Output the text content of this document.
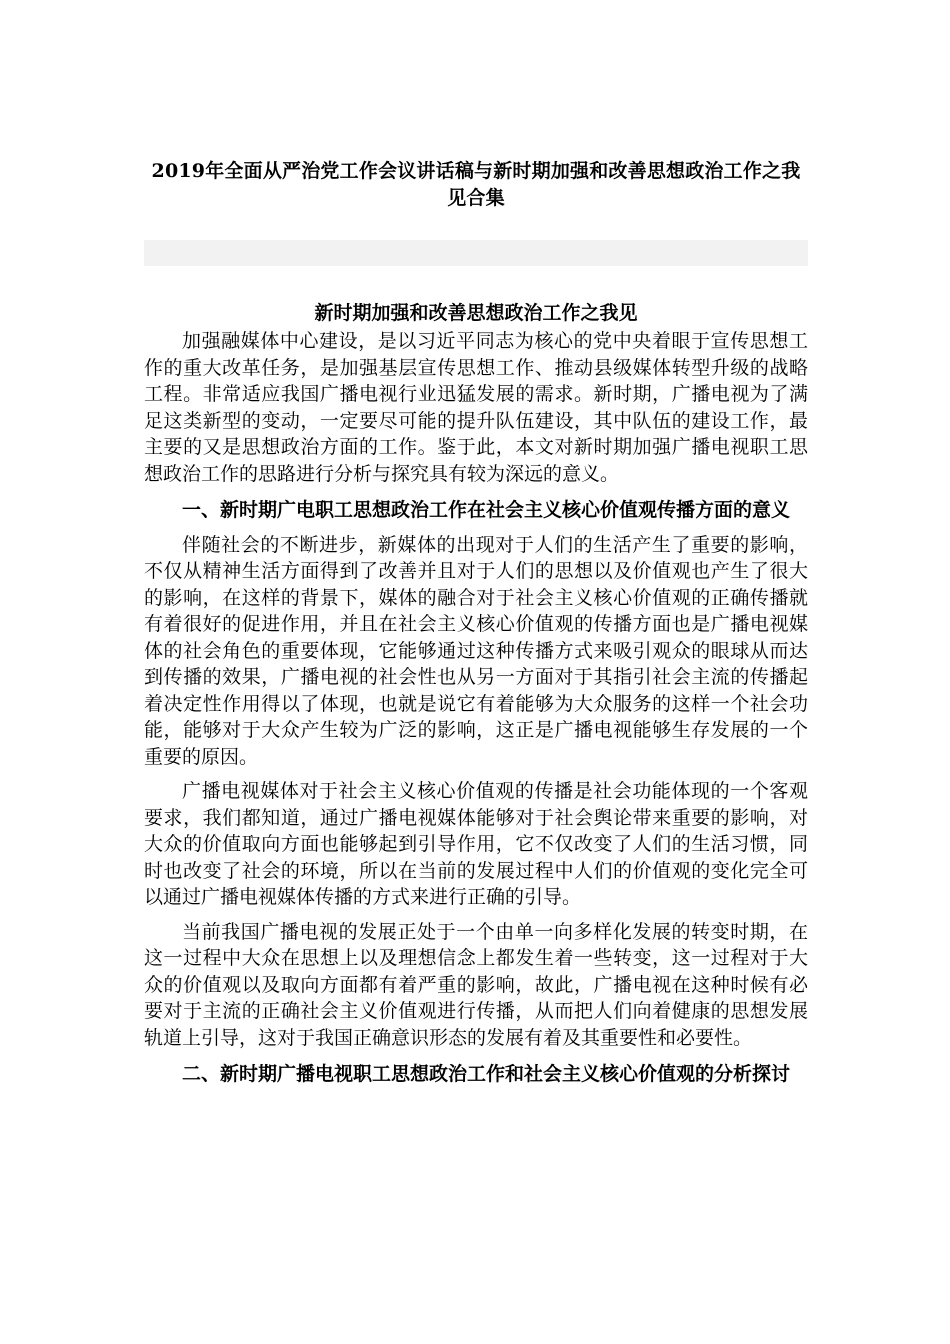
2019年全面从严治党工作会议讲话稿与新时期加强和改善思想政治工作之我见合集
新时期加强和改善思想政治工作之我见

加强融媒体中心建设，是以习近平同志为核心的党中央着眼于宣传思想工作的重大改革任务，是加强基层宣传思想工作、推动县级媒体转型升级的战略工程。非常适应我国广播电视行业迅猛发展的需求。新时期，广播电视为了满足这类新型的变动，一定要尽可能的提升队伍建设，其中队伍的建设工作，最主要的又是思想政治方面的工作。鉴于此，本文对新时期加强广播电视职工思想政治工作的思路进行分析与探究具有较为深远的意义。

一、新时期广电职工思想政治工作在社会主义核心价值观传播方面的意义

伴随社会的不断进步，新媒体的出现对于人们的生活产生了重要的影响，不仅从精神生活方面得到了改善并且对于人们的思想以及价值观也产生了很大的影响，在这样的背景下，媒体的融合对于社会主义核心价值观的正确传播就有着很好的促进作用，并且在社会主义核心价值观的传播方面也是广播电视媒体的社会角色的重要体现，它能够通过这种传播方式来吸引观众的眼球从而达到传播的效果，广播电视的社会性也从另一方面对于其指引社会主流的传播起着决定性作用得以了体现，也就是说它有着能够为大众服务的这样一个社会功能，能够对于大众产生较为广泛的影响，这正是广播电视能够生存发展的一个重要的原因。

广播电视媒体对于社会主义核心价值观的传播是社会功能体现的一个客观要求，我们都知道，通过广播电视媒体能够对于社会舆论带来重要的影响，对大众的价值取向方面也能够起到引导作用，它不仅改变了人们的生活习惯，同时也改变了社会的环境，所以在当前的发展过程中人们的价值观的变化完全可以通过广播电视媒体传播的方式来进行正确的引导。

当前我国广播电视的发展正处于一个由单一向多样化发展的转变时期，在这一过程中大众在思想上以及理想信念上都发生着一些转变，这一过程对于大众的价值观以及取向方面都有着严重的影响，故此，广播电视在这种时候有必要对于主流的正确社会主义价值观进行传播，从而把人们向着健康的思想发展轨道上引导，这对于我国正确意识形态的发展有着及其重要性和必要性。

二、新时期广播电视职工思想政治工作和社会主义核心价值观的分析探讨
